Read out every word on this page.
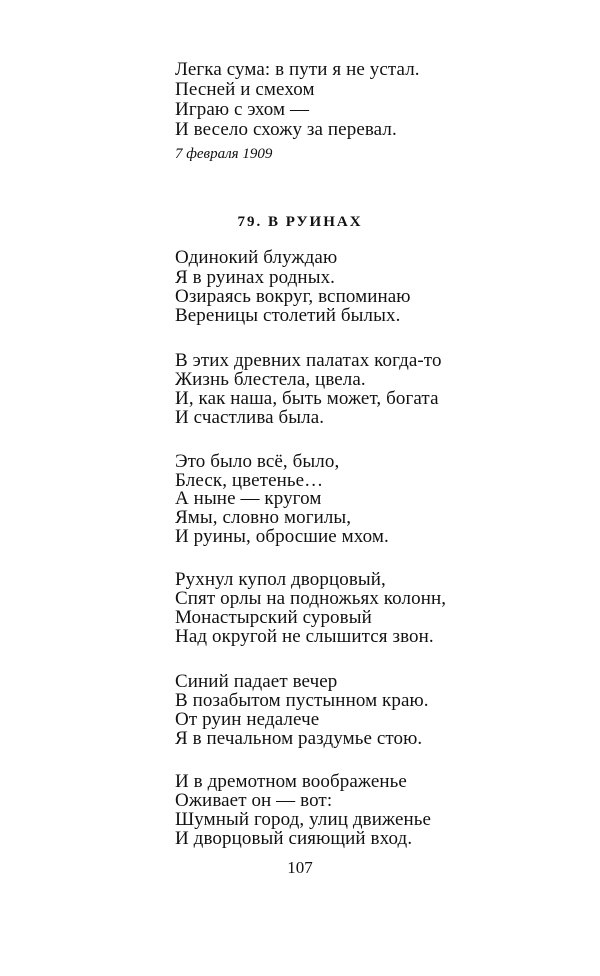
Легка сума: в пути я не устал.
Песней и смехом
Играю с эхом —
И весело схожу за перевал.
7 февраля 1909
79. В РУИНАХ
Одинокий блуждаю
Я в руинах родных.
Озираясь вокруг, вспоминаю
Вереницы столетий былых.
В этих древних палатах когда-то
Жизнь блестела, цвела.
И, как наша, быть может, богата
И счастлива была.
Это было всё, было,
Блеск, цветенье…
А ныне — кругом
Ямы, словно могилы,
И руины, обросшие мхом.
Рухнул купол дворцовый,
Спят орлы на подножьях колонн,
Монастырский суровый
Над округой не слышится звон.
Синий падает вечер
В позабытом пустынном краю.
От руин недалече
Я в печальном раздумье стою.
И в дремотном воображенье
Оживает он — вот:
Шумный город, улиц движенье
И дворцовый сияющий вход.
107
